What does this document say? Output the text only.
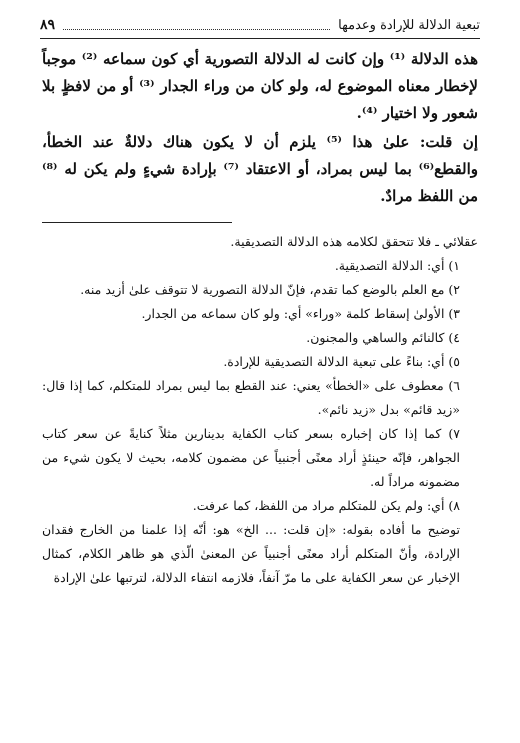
تبعية الدلالة للإرادة وعدمها
٨٩

هذه الدلالة ⁽¹⁾ وإن كانت له الدلالة التصورية أي كون سماعه ⁽²⁾ موجباً لإخطار معناه الموضوع له، ولو كان من وراء الجدار ⁽³⁾ أو من لافظٍ بلا شعور ولا اختيار ⁽⁴⁾.

إن قلت: علىٰ هذا ⁽⁵⁾ يلزم أن لا يكون هناك دلالةٌ عند الخطأ، والقطع⁽⁶⁾ بما ليس بمراد، أو الاعتقاد ⁽⁷⁾ بإرادة شيءٍ ولم يكن له ⁽⁸⁾ من اللفظ مرادٌ.

عقلائي ـ فلا تتحقق لكلامه هذه الدلالة التصديقية.

١) أي: الدلالة التصديقية.

٢) مع العلم بالوضع كما تقدم، فإنّ الدلالة التصورية لا تتوقف علىٰ أزيد منه.

٣) الأولىٰ إسقاط كلمة «وراء» أي: ولو كان سماعه من الجدار.

٤) كالنائم والساهي والمجنون.

٥) أي: بناءً على تبعية الدلالة التصديقية للإرادة.

٦) معطوف على «الخطأ» يعني: عند القطع بما ليس بمراد للمتكلم، كما إذا قال: «زيد قائم» بدل «زيد نائم».

٧) كما إذا كان إخباره بسعر كتاب الكفاية بدينارين مثلاً كنايةً عن سعر كتاب الجواهر، فإنّه حينئذٍ أراد معنًى أجنبياً عن مضمون كلامه، بحيث لا يكون شيء من مضمونه مراداً له.

٨) أي: ولم يكن للمتكلم مراد من اللفظ، كما عرفت.

توضيح ما أفاده بقوله: «إن قلت: ... الخ» هو: أنّه إذا علمنا من الخارج فقدان الإرادة، وأنّ المتكلم أراد معنًى أجنبياً عن المعنىٰ الّذي هو ظاهر الكلام، كمثال الإخبار عن سعر الكفاية على ما مرّ آنفاً، فلازمه انتفاء الدلالة، لترتبها علىٰ الإرادة
